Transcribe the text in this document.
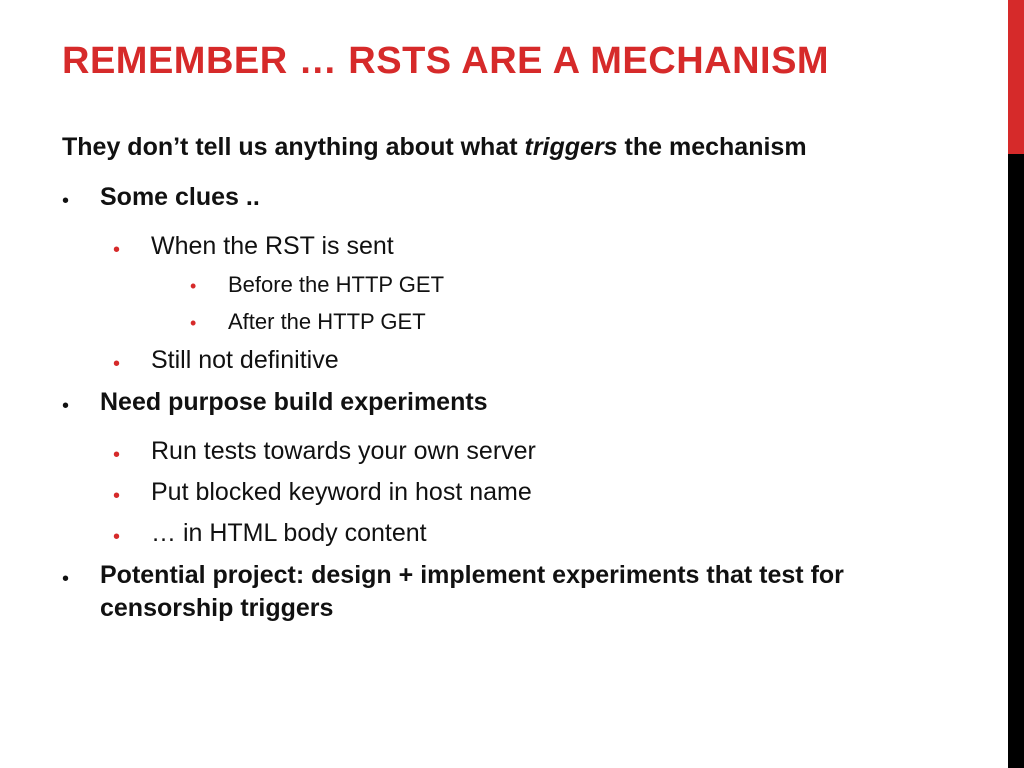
REMEMBER … RSTS ARE A MECHANISM
They don’t tell us anything about what triggers the mechanism
• Some clues ..
• When the RST is sent
• Before the HTTP GET
• After the HTTP GET
• Still not definitive
• Need purpose build experiments
• Run tests towards your own server
• Put blocked keyword in host name
• … in HTML body content
• Potential project: design + implement experiments that test for
censorship triggers
